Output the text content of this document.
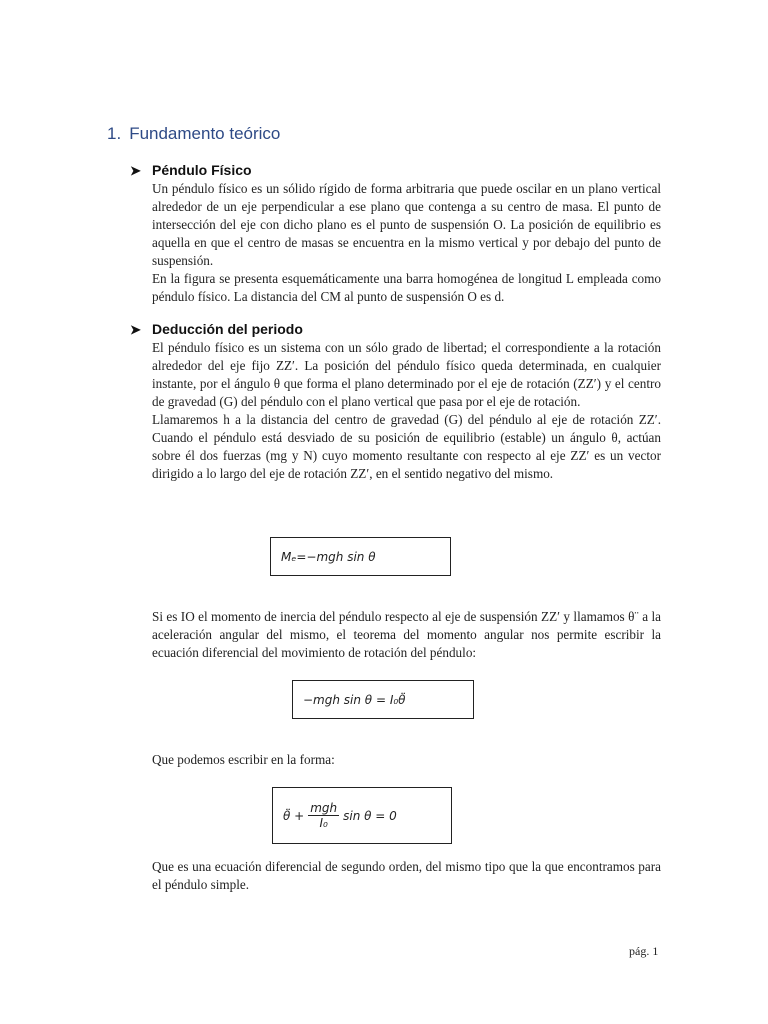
1. Fundamento teórico
➤ Péndulo Físico

Un péndulo físico es un sólido rígido de forma arbitraria que puede oscilar en un plano vertical alrededor de un eje perpendicular a ese plano que contenga a su centro de masa. El punto de intersección del eje con dicho plano es el punto de suspensión O. La posición de equilibrio es aquella en que el centro de masas se encuentra en la mismo vertical y por debajo del punto de suspensión.

En la figura se presenta esquemáticamente una barra homogénea de longitud L empleada como péndulo físico. La distancia del CM al punto de suspensión O es d.

➤ Deducción del periodo

El péndulo físico es un sistema con un sólo grado de libertad; el correspondiente a la rotación alrededor del eje fijo ZZ′. La posición del péndulo físico queda determinada, en cualquier instante, por el ángulo θ que forma el plano determinado por el eje de rotación (ZZ′) y el centro de gravedad (G) del péndulo con el plano vertical que pasa por el eje de rotación.

Llamaremos h a la distancia del centro de gravedad (G) del péndulo al eje de rotación ZZ′. Cuando el péndulo está desviado de su posición de equilibrio (estable) un ángulo θ, actúan sobre él dos fuerzas (mg y N) cuyo momento resultante con respecto al eje ZZ′ es un vector dirigido a lo largo del eje de rotación ZZ′, en el sentido negativo del mismo.

Mₑ=−mgh sin θ

Si es IO el momento de inercia del péndulo respecto al eje de suspensión ZZ′ y llamamos θ¨ a la aceleración angular del mismo, el teorema del momento angular nos permite escribir la ecuación diferencial del movimiento de rotación del péndulo:

−mgh sin θ = I₀θ̈

Que podemos escribir en la forma:

θ̈ + $\frac{\text{mgh}}{\text{I₀}}$ sin θ = 0

Que es una ecuación diferencial de segundo orden, del mismo tipo que la que encontramos para el péndulo simple.

pág. 1
